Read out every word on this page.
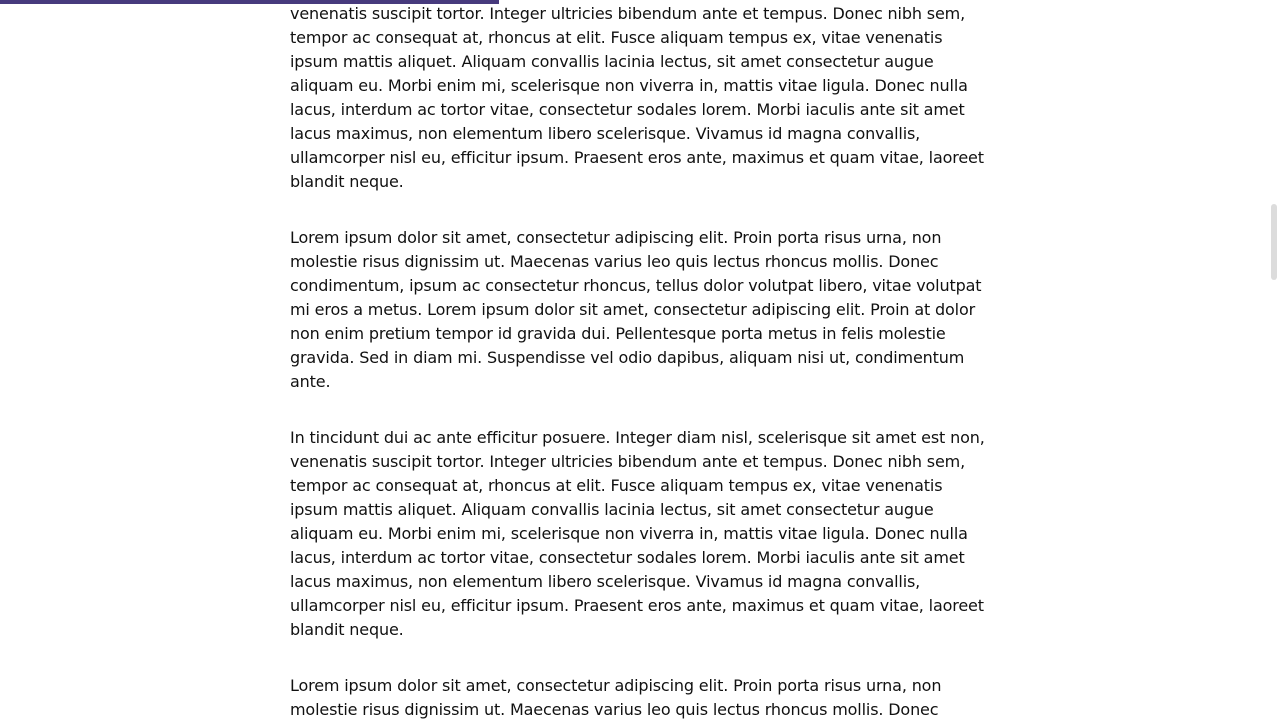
venenatis suscipit tortor. Integer ultricies bibendum ante et tempus. Donec nibh sem,
tempor ac consequat at, rhoncus at elit. Fusce aliquam tempus ex, vitae venenatis
ipsum mattis aliquet. Aliquam convallis lacinia lectus, sit amet consectetur augue
aliquam eu. Morbi enim mi, scelerisque non viverra in, mattis vitae ligula. Donec nulla
lacus, interdum ac tortor vitae, consectetur sodales lorem. Morbi iaculis ante sit amet
lacus maximus, non elementum libero scelerisque. Vivamus id magna convallis,
ullamcorper nisl eu, efficitur ipsum. Praesent eros ante, maximus et quam vitae, laoreet
blandit neque.

Lorem ipsum dolor sit amet, consectetur adipiscing elit. Proin porta risus urna, non
molestie risus dignissim ut. Maecenas varius leo quis lectus rhoncus mollis. Donec
condimentum, ipsum ac consectetur rhoncus, tellus dolor volutpat libero, vitae volutpat
mi eros a metus. Lorem ipsum dolor sit amet, consectetur adipiscing elit. Proin at dolor
non enim pretium tempor id gravida dui. Pellentesque porta metus in felis molestie
gravida. Sed in diam mi. Suspendisse vel odio dapibus, aliquam nisi ut, condimentum
ante.

In tincidunt dui ac ante efficitur posuere. Integer diam nisl, scelerisque sit amet est non,
venenatis suscipit tortor. Integer ultricies bibendum ante et tempus. Donec nibh sem,
tempor ac consequat at, rhoncus at elit. Fusce aliquam tempus ex, vitae venenatis
ipsum mattis aliquet. Aliquam convallis lacinia lectus, sit amet consectetur augue
aliquam eu. Morbi enim mi, scelerisque non viverra in, mattis vitae ligula. Donec nulla
lacus, interdum ac tortor vitae, consectetur sodales lorem. Morbi iaculis ante sit amet
lacus maximus, non elementum libero scelerisque. Vivamus id magna convallis,
ullamcorper nisl eu, efficitur ipsum. Praesent eros ante, maximus et quam vitae, laoreet
blandit neque.

Lorem ipsum dolor sit amet, consectetur adipiscing elit. Proin porta risus urna, non
molestie risus dignissim ut. Maecenas varius leo quis lectus rhoncus mollis. Donec
